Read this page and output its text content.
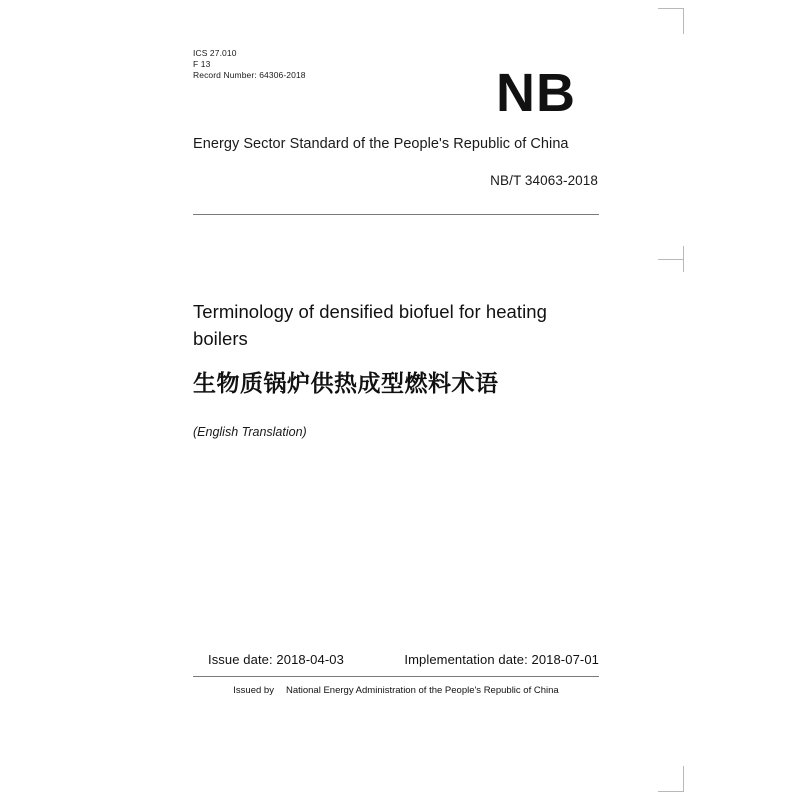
ICS 27.010
F 13
Record Number: 64306-2018	NB
Energy Sector Standard of the People's Republic of China
NB/T 34063-2018
Terminology of densified biofuel for heating boilers
生物质锅炉供热成型燃料术语
(English Translation)
Issue date: 2018-04-03	Implementation date: 2018-07-01
Issued by National Energy Administration of the People's Republic of China
